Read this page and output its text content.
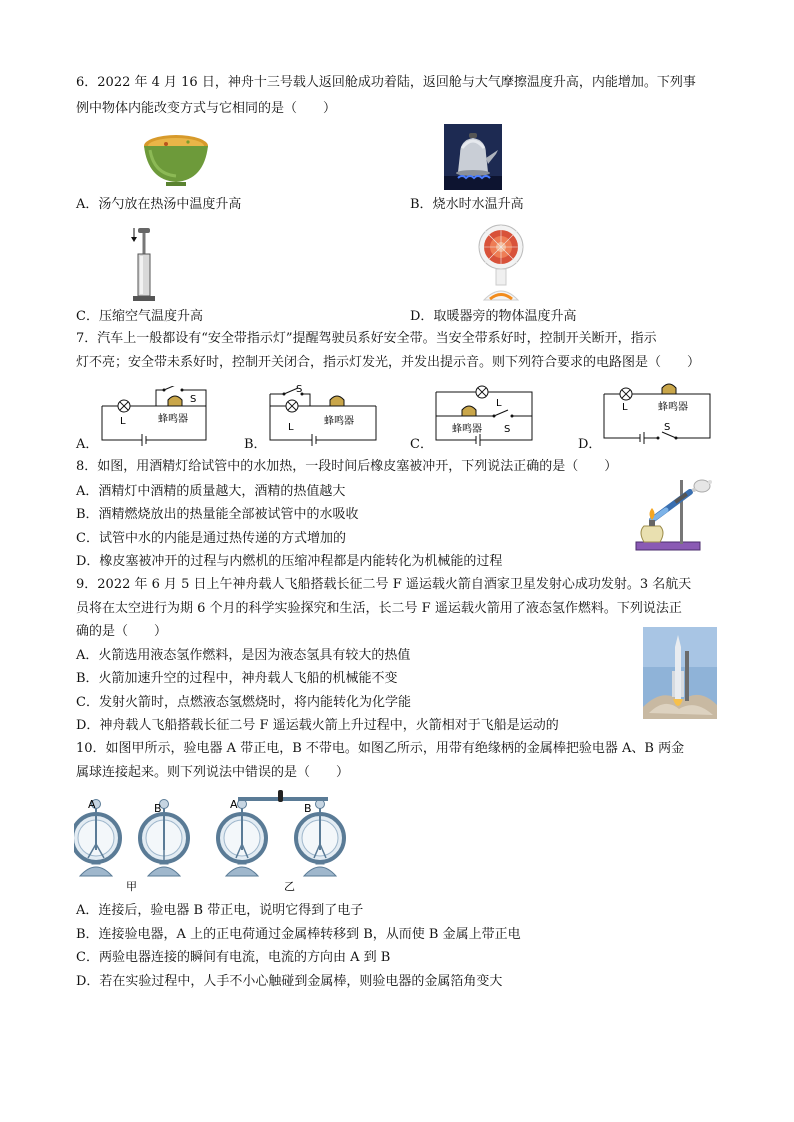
6．2022 年 4 月 16 日，神舟十三号载人返回舱成功着陆，返回舱与大气摩擦温度升高，内能增加。下列事
例中物体内能改变方式与它相同的是（　　）
A．汤勺放在热汤中温度升高	B．烧水时水温升高
C．压缩空气温度升高	D．取暖器旁的物体温度升高
7．汽车上一般都设有“安全带指示灯”提醒驾驶员系好安全带。当安全带系好时，控制开关断开，指示
灯不亮；安全带未系好时，控制开关闭合，指示灯发光，并发出提示音。则下列符合要求的电路图是（　　）
A．
L
S
蜂鸣器
B．
S
L
蜂鸣器
C．
L
蜂鸣器 S
D．
L	蜂鸣器
S
8．如图，用酒精灯给试管中的水加热，一段时间后橡皮塞被冲开，下列说法正确的是（　　）
A．酒精灯中酒精的质量越大，酒精的热值越大
B．酒精燃烧放出的热量能全部被试管中的水吸收
C．试管中水的内能是通过热传递的方式增加的
D．橡皮塞被冲开的过程与内燃机的压缩冲程都是内能转化为机械能的过程
9．2022 年 6 月 5 日上午神舟载人飞船搭载长征二号 F 遥运载火箭自酒家卫星发射心成功发射。3 名航天
员将在太空进行为期 6 个月的科学实验探究和生活，长二号 F 遥运载火箭用了液态氢作燃料。下列说法正
确的是（　　）
A．火箭选用液态氢作燃料，是因为液态氢具有较大的热值
B．火箭加速升空的过程中，神舟载人飞船的机械能不变
C．发射火箭时，点燃液态氢燃烧时，将内能转化为化学能
D．神舟载人飞船搭载长征二号 F 遥运载火箭上升过程中，火箭相对于飞船是运动的
10．如图甲所示，验电器 A 带正电，B 不带电。如图乙所示，用带有绝缘柄的金属棒把验电器 A、B 两金
属球连接起来。则下列说法中错误的是（　　）
A	B	A	B
甲	乙
A．连接后，验电器 B 带正电，说明它得到了电子
B．连接验电器，A 上的正电荷通过金属棒转移到 B，从而使 B 金属上带正电
C．两验电器连接的瞬间有电流，电流的方向由 A 到 B
D．若在实验过程中，人手不小心触碰到金属棒，则验电器的金属箔角变大
